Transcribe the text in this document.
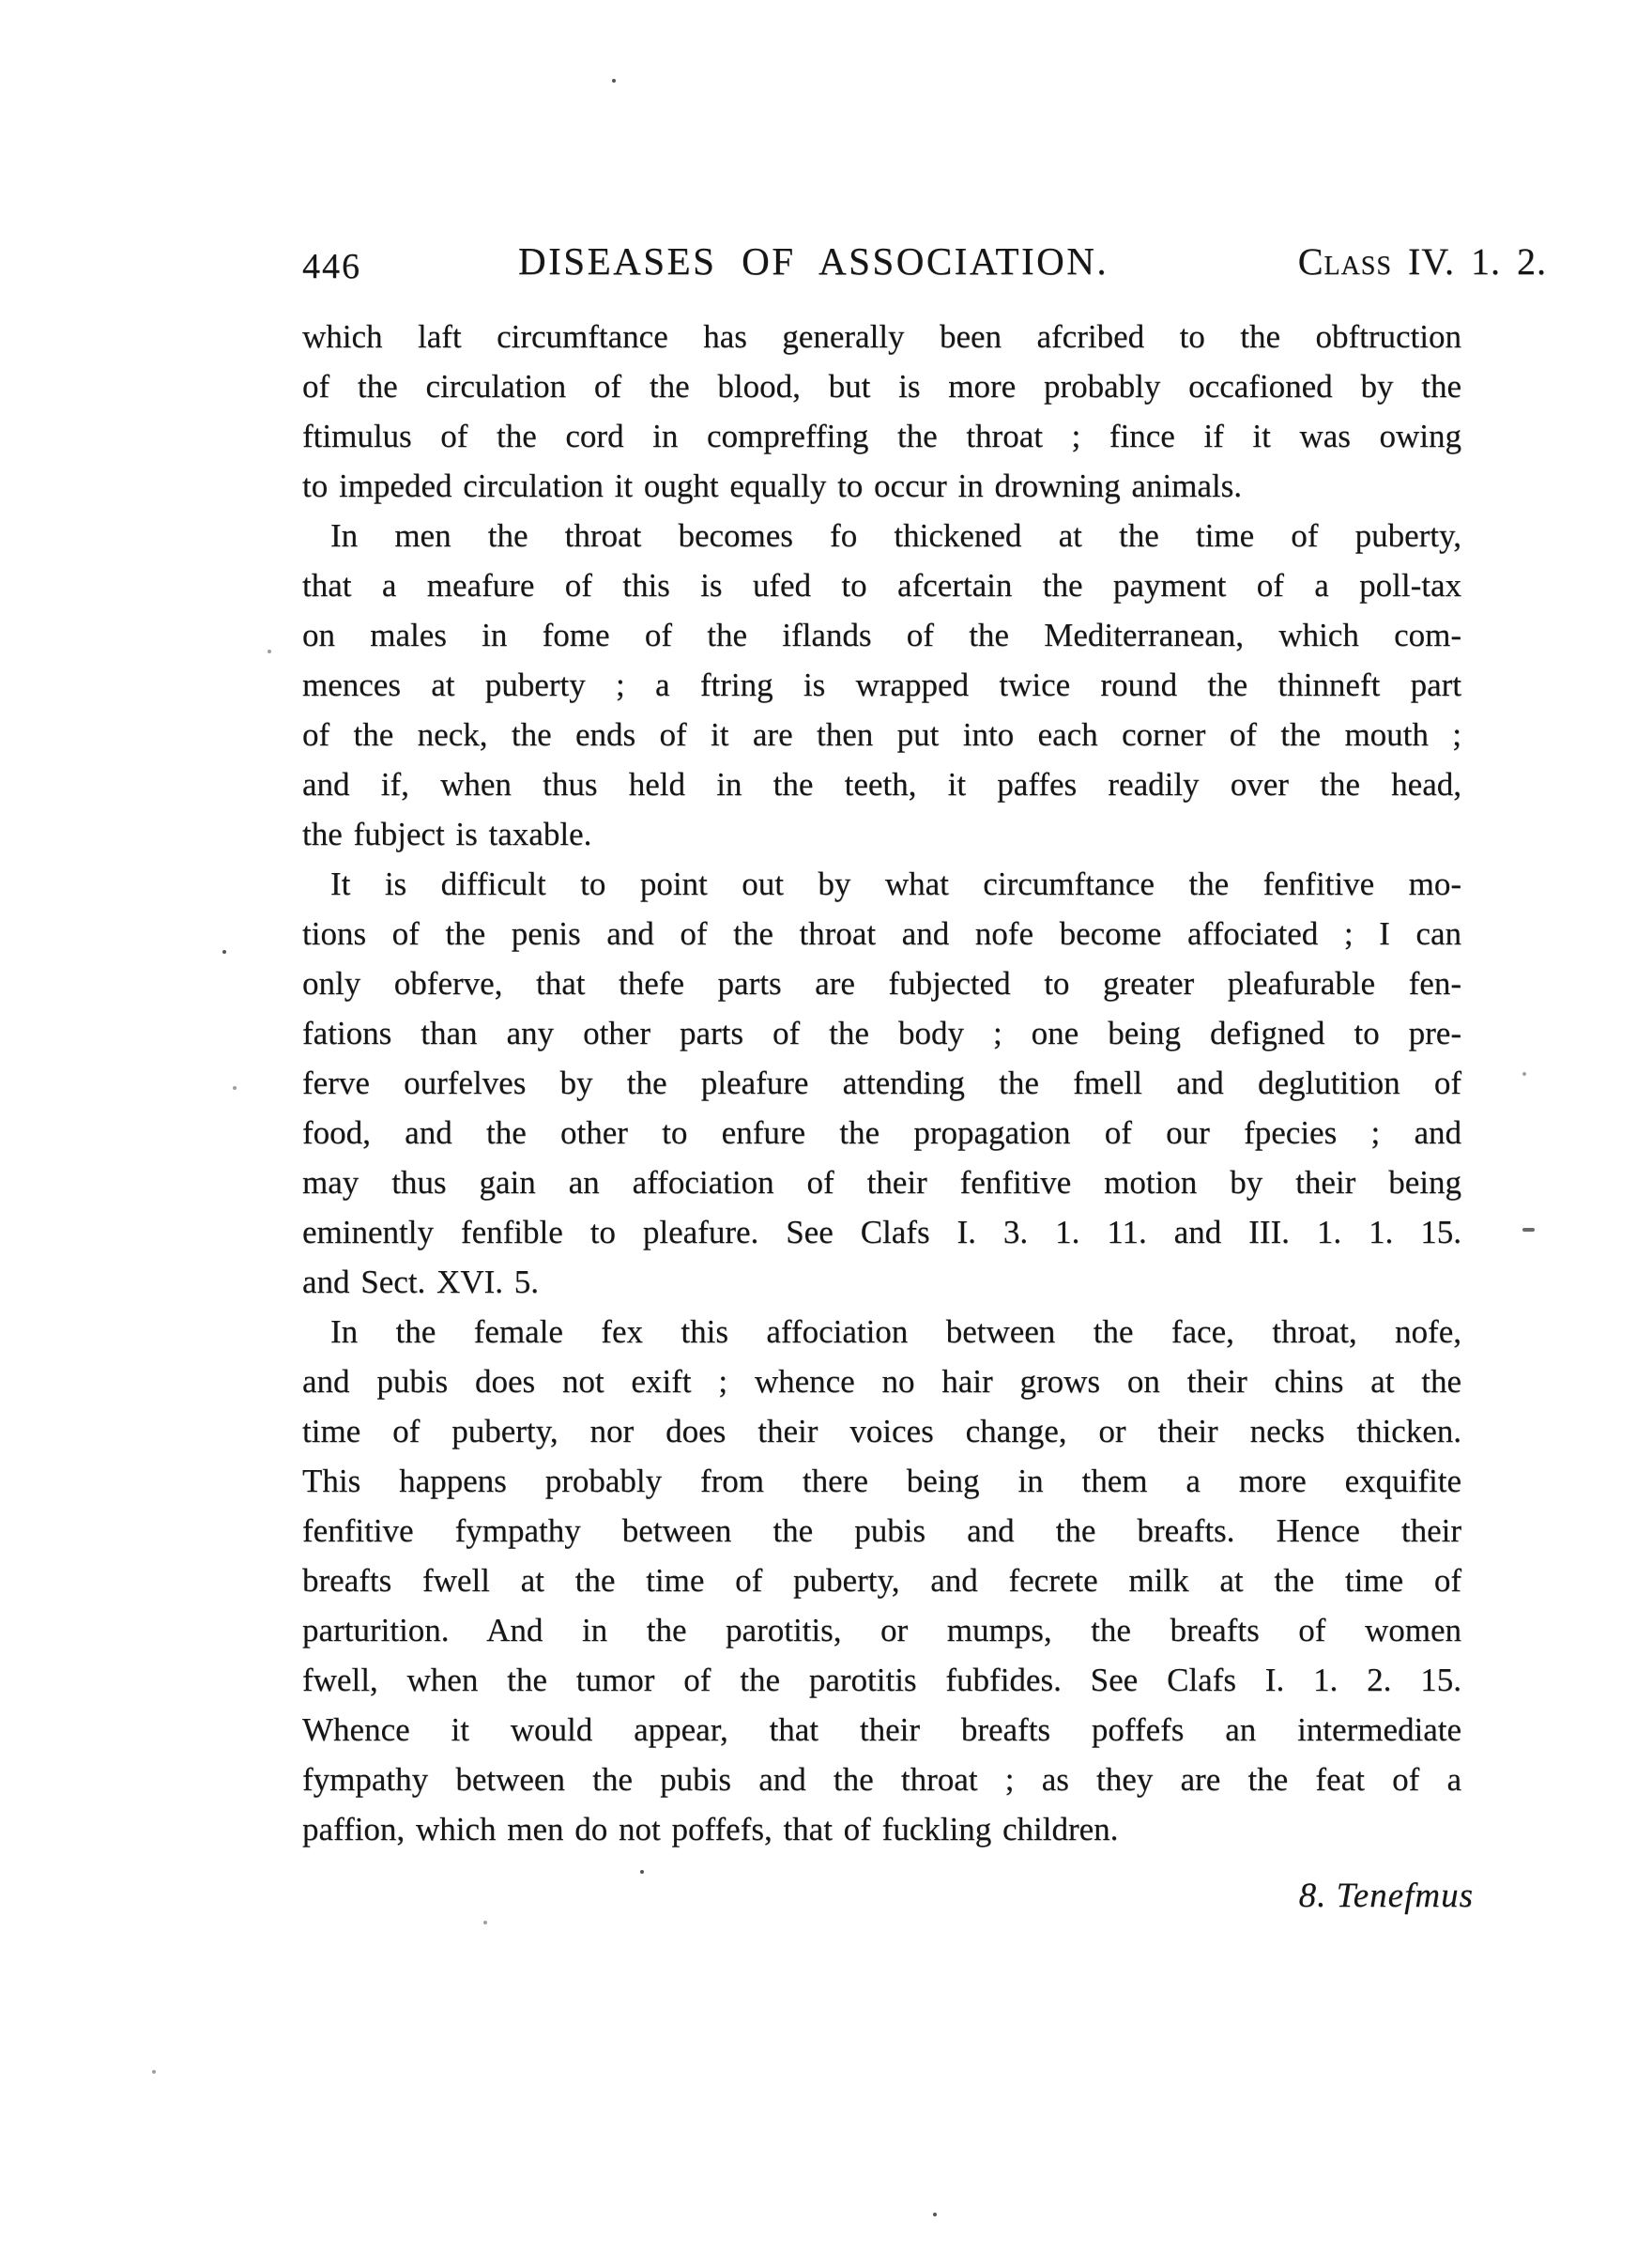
446	DISEASES OF ASSOCIATION.	Class IV. 1. 2.
which laft circumftance has generally been afcribed to the obftruction
of the circulation of the blood, but is more probably occafioned by the
ftimulus of the cord in compreffing the throat ; fince if it was owing
to impeded circulation it ought equally to occur in drowning animals.
In men the throat becomes fo thickened at the time of puberty,
that a meafure of this is ufed to afcertain the payment of a poll-tax
on males in fome of the iflands of the Mediterranean, which com-
mences at puberty ; a ftring is wrapped twice round the thinneft part
of the neck, the ends of it are then put into each corner of the mouth ;
and if, when thus held in the teeth, it paffes readily over the head,
the fubject is taxable.
It is difficult to point out by what circumftance the fenfitive mo-
tions of the penis and of the throat and nofe become affociated ; I can
only obferve, that thefe parts are fubjected to greater pleafurable fen-
fations than any other parts of the body ; one being defigned to pre-
ferve ourfelves by the pleafure attending the fmell and deglutition of
food, and the other to enfure the propagation of our fpecies ; and
may thus gain an affociation of their fenfitive motion by their being
eminently fenfible to pleafure. See Clafs I. 3. 1. 11. and III. 1. 1. 15.
and Sect. XVI. 5.
In the female fex this affociation between the face, throat, nofe,
and pubis does not exift ; whence no hair grows on their chins at the
time of puberty, nor does their voices change, or their necks thicken.
This happens probably from there being in them a more exquifite
fenfitive fympathy between the pubis and the breafts. Hence their
breafts fwell at the time of puberty, and fecrete milk at the time of
parturition. And in the parotitis, or mumps, the breafts of women
fwell, when the tumor of the parotitis fubfides. See Clafs I. 1. 2. 15.
Whence it would appear, that their breafts poffefs an intermediate
fympathy between the pubis and the throat ; as they are the feat of a
paffion, which men do not poffefs, that of fuckling children.
8. Tenefmus
